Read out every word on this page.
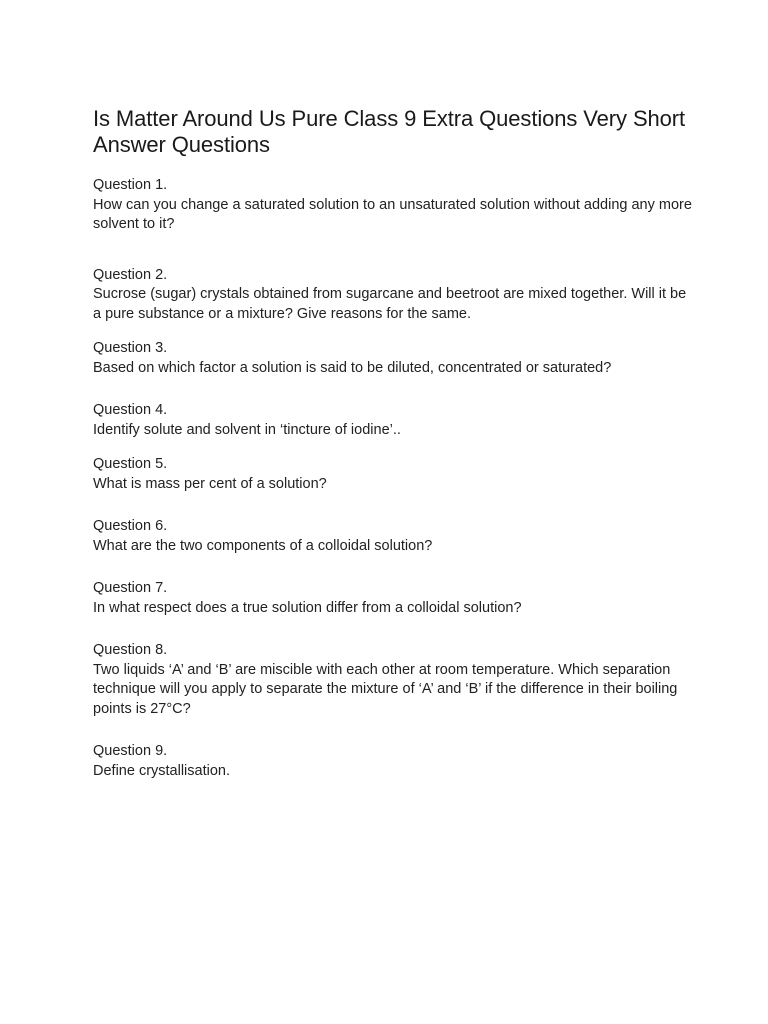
Is Matter Around Us Pure Class 9 Extra Questions Very Short Answer Questions
Question 1.
How can you change a saturated solution to an unsaturated solution without adding any more solvent to it?
Question 2.
Sucrose (sugar) crystals obtained from sugarcane and beetroot are mixed together. Will it be a pure substance or a mixture? Give reasons for the same.
Question 3.
Based on which factor a solution is said to be diluted, concentrated or saturated?
Question 4.
Identify solute and solvent in ‘tincture of iodine’..
Question 5.
What is mass per cent of a solution?
Question 6.
What are the two components of a colloidal solution?
Question 7.
In what respect does a true solution differ from a colloidal solution?
Question 8.
Two liquids ‘A’ and ‘B’ are miscible with each other at room temperature. Which separation technique will you apply to separate the mixture of ‘A’ and ‘B’ if the difference in their boiling points is 27°C?
Question 9.
Define crystallisation.
